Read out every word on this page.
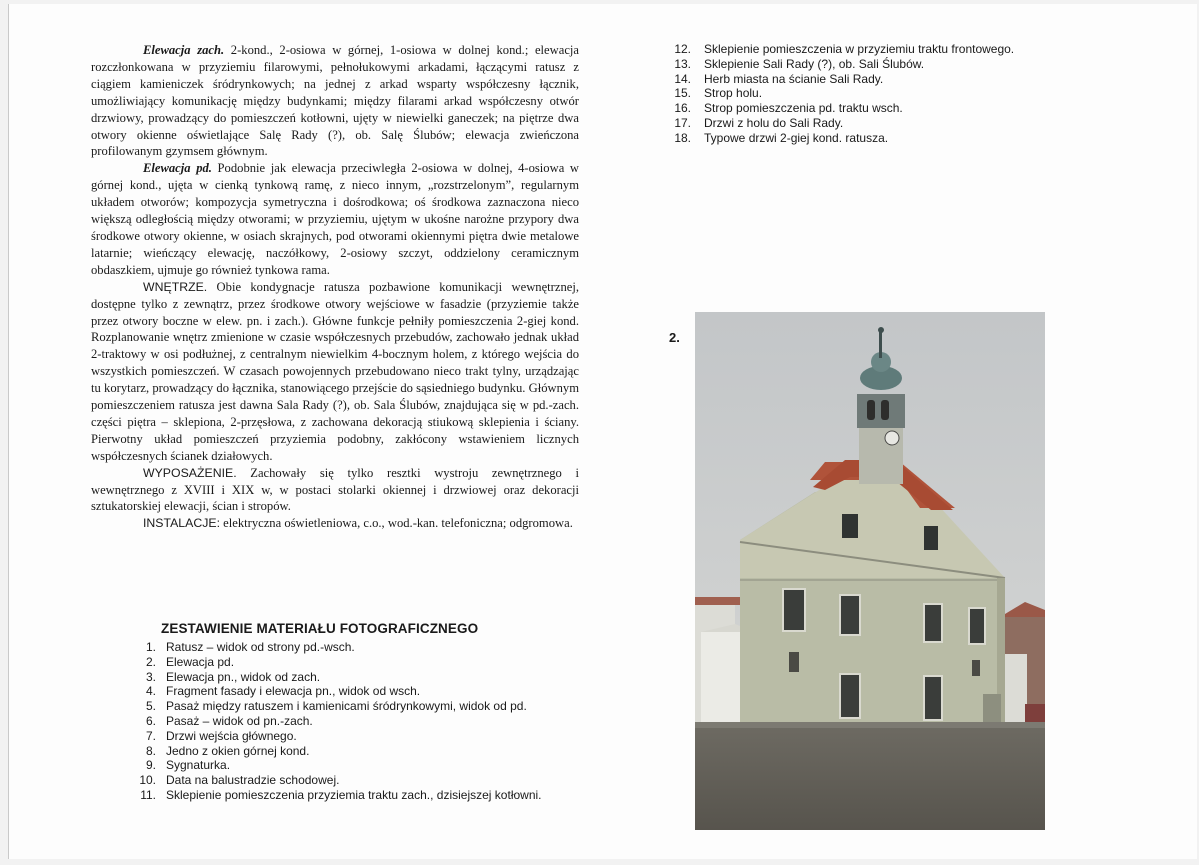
Elewacja zach. 2-kond., 2-osiowa w górnej, 1-osiowa w dolnej kond.; elewacja rozczłonkowana w przyziemiu filarowymi, pełnołukowymi arkadami, łączącymi ratusz z ciągiem kamieniczek śródrynkowych; na jednej z arkad wsparty współczesny łącznik, umożliwiający komunikację między budynkami; między filarami arkad współczesny otwór drzwiowy, prowadzący do pomieszczeń kotłowni, ujęty w niewielki ganeczek; na piętrze dwa otwory okienne oświetlające Salę Rady (?), ob. Salę Ślubów; elewacja zwieńczona profilowanym gzymsem głównym.

Elewacja pd. Podobnie jak elewacja przeciwległa 2-osiowa w dolnej, 4-osiowa w górnej kond., ujęta w cienką tynkową ramę, z nieco innym, „rozstrzelonym”, regularnym układem otworów; kompozycja symetryczna i dośrodkowa; oś środkowa zaznaczona nieco większą odległością między otworami; w przyziemiu, ujętym w ukośne narożne przypory dwa środkowe otwory okienne, w osiach skrajnych, pod otworami okiennymi piętra dwie metalowe latarnie; wieńczący elewację, naczółkowy, 2-osiowy szczyt, oddzielony ceramicznym obdaszkiem, ujmuje go również tynkowa rama.

WNĘTRZE. Obie kondygnacje ratusza pozbawione komunikacji wewnętrznej, dostępne tylko z zewnątrz, przez środkowe otwory wejściowe w fasadzie (przyziemie także przez otwory boczne w elew. pn. i zach.). Główne funkcje pełniły pomieszczenia 2-giej kond. Rozplanowanie wnętrz zmienione w czasie współczesnych przebudów, zachowało jednak układ 2-traktowy w osi podłużnej, z centralnym niewielkim 4-bocznym holem, z którego wejścia do wszystkich pomieszczeń. W czasach powojennych przebudowano nieco trakt tylny, urządzając tu korytarz, prowadzący do łącznika, stanowiącego przejście do sąsiedniego budynku. Głównym pomieszczeniem ratusza jest dawna Sala Rady (?), ob. Sala Ślubów, znajdująca się w pd.-zach. części piętra – sklepiona, 2-przęsłowa, z zachowana dekoracją stiukową sklepienia i ściany. Pierwotny układ pomieszczeń przyziemia podobny, zakłócony wstawieniem licznych współczesnych ścianek działowych.

WYPOSAŻENIE. Zachowały się tylko resztki wystroju zewnętrznego i wewnętrznego z XVIII i XIX w, w postaci stolarki okiennej i drzwiowej oraz dekoracji sztukatorskiej elewacji, ścian i stropów.

INSTALACJE: elektryczna oświetleniowa, c.o., wod.-kan. telefoniczna; odgromowa.

ZESTAWIENIE MATERIAŁU FOTOGRAFICZNEGO
1. Ratusz – widok od strony pd.-wsch.
2. Elewacja pd.
3. Elewacja pn., widok od zach.
4. Fragment fasady i elewacja pn., widok od wsch.
5. Pasaż między ratuszem i kamienicami śródrynkowymi, widok od pd.
6. Pasaż – widok od pn.-zach.
7. Drzwi wejścia głównego.
8. Jedno z okien górnej kond.
9. Sygnaturka.
10. Data na balustradzie schodowej.
11. Sklepienie pomieszczenia przyziemia traktu zach., dzisiejszej kotłowni.
12.	Sklepienie pomieszczenia w przyziemiu traktu frontowego.
13.	Sklepienie Sali Rady (?), ob. Sali Ślubów.
14.	Herb miasta na ścianie Sali Rady.
15.	Strop holu.
16.	Strop pomieszczenia pd. traktu wsch.
17.	Drzwi z holu do Sali Rady.
18.	Typowe drzwi 2-giej kond. ratusza.
2.
